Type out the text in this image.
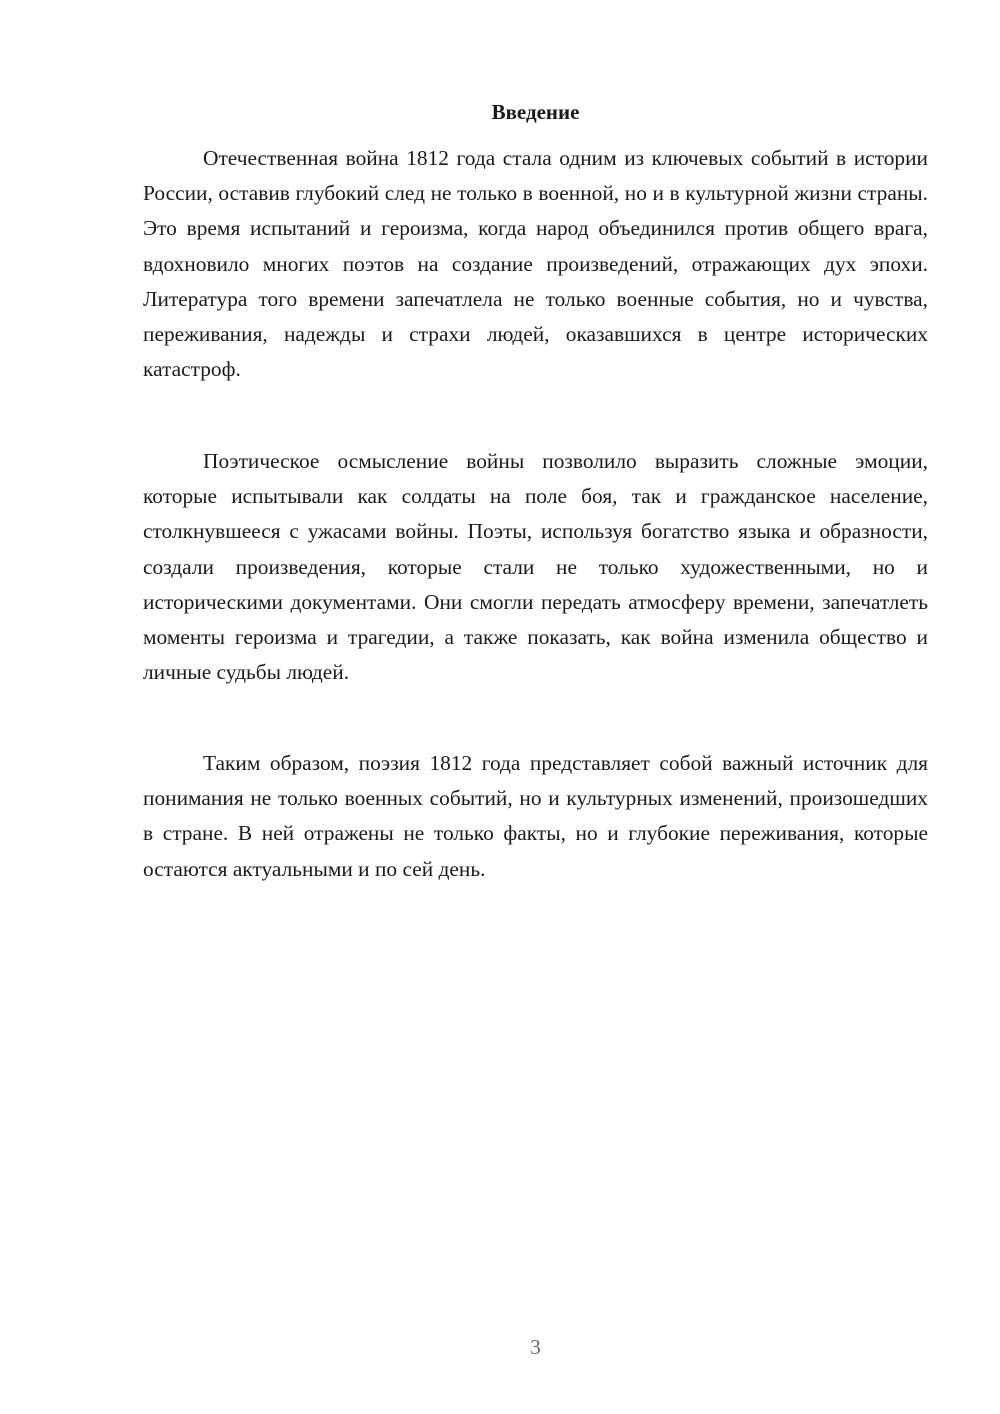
Введение

Отечественная война 1812 года стала одним из ключевых событий в истории России, оставив глубокий след не только в военной, но и в культурной жизни страны. Это время испытаний и героизма, когда народ объединился против общего врага, вдохновило многих поэтов на создание произведений, отражающих дух эпохи. Литература того времени запечатлела не только военные события, но и чувства, переживания, надежды и страхи людей, оказавшихся в центре исторических катастроф.

Поэтическое осмысление войны позволило выразить сложные эмоции, которые испытывали как солдаты на поле боя, так и гражданское население, столкнувшееся с ужасами войны. Поэты, используя богатство языка и образности, создали произведения, которые стали не только художественными, но и историческими документами. Они смогли передать атмосферу времени, запечатлеть моменты героизма и трагедии, а также показать, как война изменила общество и личные судьбы людей.

Таким образом, поэзия 1812 года представляет собой важный источник для понимания не только военных событий, но и культурных изменений, произошедших в стране. В ней отражены не только факты, но и глубокие переживания, которые остаются актуальными и по сей день.

3
